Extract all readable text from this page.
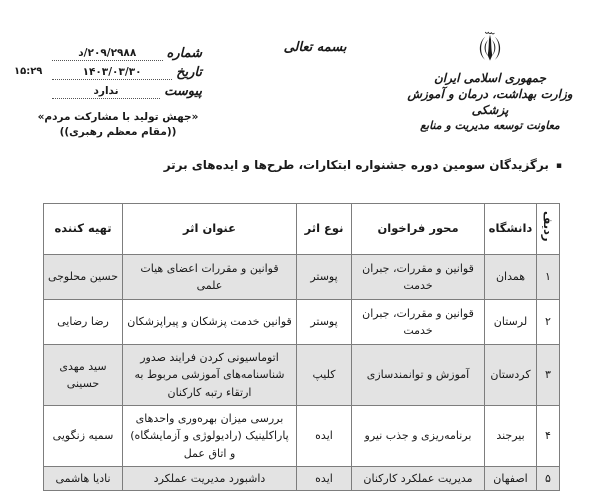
جمهوری اسلامی ایران
وزارت بهداشت، درمان و آموزش پزشکی
معاونت توسعه مدیریت و منابع
بسمه تعالی
شماره
۲۰۹/۲۹۸۸/د
تاریخ
۱۴۰۳/۰۳/۳۰
پیوست
ندارد
۱۵:۲۹
«جهش تولید با مشارکت مردم»
((مقام معظم رهبری))
▪برگزیدگان سومین دوره جشنواره ابتکارات، طرح‌ها و ایده‌های برتر
ردیف	دانشگاه	محور فراخوان	نوع اثر	عنوان اثر	تهیه کننده
۱	همدان	قوانین و مقررات، جبران خدمت	پوستر	قوانین و مقررات اعضای هیات علمی	حسین محلوجی
۲	لرستان	قوانین و مقررات، جبران خدمت	پوستر	قوانین خدمت پزشکان و پیراپزشکان	رضا رضایی
۳	کردستان	آموزش و توانمندسازی	کلیپ	اتوماسیونی کردن فرایند صدور شناسنامه‌های آموزشی مربوط به ارتقاء رتبه کارکنان	سید مهدی حسینی
۴	بیرجند	برنامه‌ریزی و جذب نیرو	ایده	بررسی میزان بهره‌وری واحدهای پاراکلینیک (رادیولوژی و آزمایشگاه) و اتاق عمل	سمیه زنگویی
۵	اصفهان	مدیریت عملکرد کارکنان	ایده	داشبورد مدیریت عملکرد	نادیا هاشمی
